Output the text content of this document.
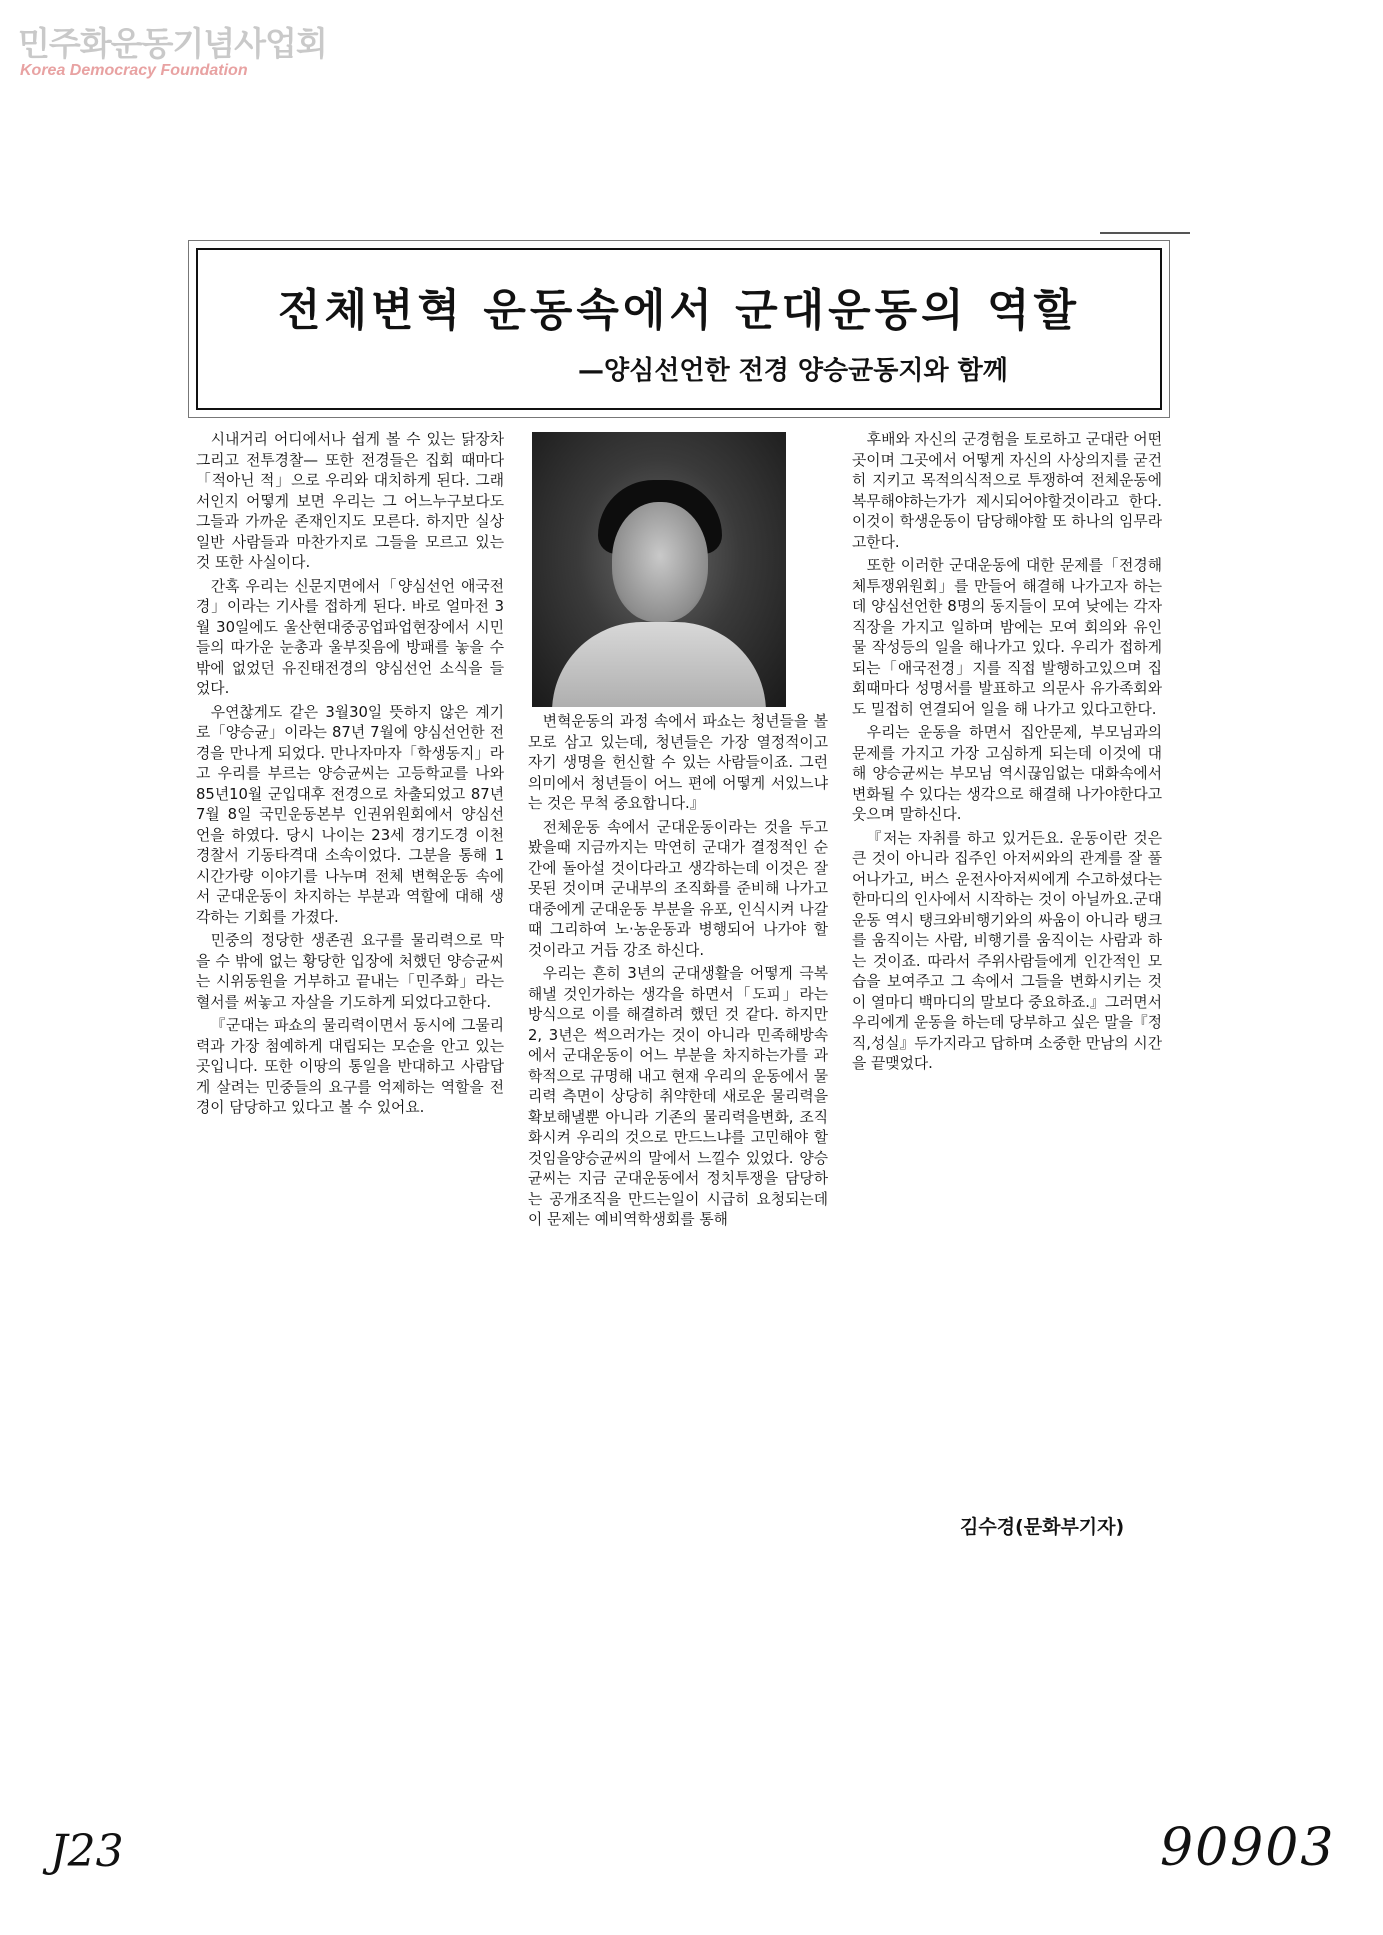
민주화운동기념사업회
Korea Democracy Foundation
전체변혁 운동속에서 군대운동의 역할
—양심선언한 전경 양승균동지와 함께

시내거리 어디에서나 쉽게 볼 수 있는 닭장차 그리고 전투경찰— 또한 전경들은 집회 때마다「적아닌 적」으로 우리와 대치하게 된다. 그래서인지 어떻게 보면 우리는 그 어느누구보다도 그들과 가까운 존재인지도 모른다. 하지만 실상 일반 사람들과 마찬가지로 그들을 모르고 있는 것 또한 사실이다.

간혹 우리는 신문지면에서「양심선언 애국전경」이라는 기사를 접하게 된다. 바로 얼마전 3월 30일에도 울산현대중공업파업현장에서 시민들의 따가운 눈총과 울부짖음에 방패를 놓을 수 밖에 없었던 유진태전경의 양심선언 소식을 들었다.

우연찮게도 같은 3월30일 뜻하지 않은 계기로「양승균」이라는 87년 7월에 양심선언한 전경을 만나게 되었다. 만나자마자「학생동지」라고 우리를 부르는 양승균씨는 고등학교를 나와 85년10월 군입대후 전경으로 차출되었고 87년 7월 8일 국민운동본부 인권위원회에서 양심선언을 하였다. 당시 나이는 23세 경기도경 이천경찰서 기동타격대 소속이었다. 그분을 통해 1시간가량 이야기를 나누며 전체 변혁운동 속에서 군대운동이 차지하는 부분과 역할에 대해 생각하는 기회를 가졌다.

민중의 정당한 생존권 요구를 물리력으로 막을 수 밖에 없는 황당한 입장에 처했던 양승균씨는 시위동원을 거부하고 끝내는「민주화」라는 혈서를 써놓고 자살을 기도하게 되었다고한다.

『군대는 파쇼의 물리력이면서 동시에 그물리력과 가장 첨예하게 대립되는 모순을 안고 있는 곳입니다. 또한 이땅의 통일을 반대하고 사람답게 살려는 민중들의 요구를 억제하는 역할을 전경이 담당하고 있다고 볼 수 있어요.

변혁운동의 과정 속에서 파쇼는 청년들을 볼모로 삼고 있는데, 청년들은 가장 열정적이고 자기 생명을 헌신할 수 있는 사람들이죠. 그런 의미에서 청년들이 어느 편에 어떻게 서있느냐는 것은 무척 중요합니다.』

전체운동 속에서 군대운동이라는 것을 두고봤을때 지금까지는 막연히 군대가 결정적인 순간에 돌아설 것이다라고 생각하는데 이것은 잘못된 것이며 군내부의 조직화를 준비해 나가고 대중에게 군대운동 부분을 유포, 인식시켜 나갈 때 그리하여 노·농운동과 병행되어 나가야 할 것이라고 거듭 강조 하신다.

우리는 흔히 3년의 군대생활을 어떻게 극복해낼 것인가하는 생각을 하면서「도피」라는 방식으로 이를 해결하려 했던 것 같다. 하지만 2, 3년은 썩으러가는 것이 아니라 민족해방속에서 군대운동이 어느 부분을 차지하는가를 과학적으로 규명해 내고 현재 우리의 운동에서 물리력 측면이 상당히 취약한데 새로운 물리력을 확보해낼뿐 아니라 기존의 물리력을변화, 조직화시켜 우리의 것으로 만드느냐를 고민해야 할 것임을양승균씨의 말에서 느낄수 있었다. 양승균씨는 지금 군대운동에서 정치투쟁을 담당하는 공개조직을 만드는일이 시급히 요청되는데 이 문제는 예비역학생회를 통해

후배와 자신의 군경험을 토로하고 군대란 어떤 곳이며 그곳에서 어떻게 자신의 사상의지를 굳건히 지키고 목적의식적으로 투쟁하여 전체운동에 복무해야하는가가 제시되어야할것이라고 한다.이것이 학생운동이 담당해야할 또 하나의 임무라고한다.

또한 이러한 군대운동에 대한 문제를「전경해체투쟁위원회」를 만들어 해결해 나가고자 하는데 양심선언한 8명의 동지들이 모여 낮에는 각자 직장을 가지고 일하며 밤에는 모여 회의와 유인물 작성등의 일을 해나가고 있다. 우리가 접하게 되는「애국전경」지를 직접 발행하고있으며 집회때마다 성명서를 발표하고 의문사 유가족회와도 밀접히 연결되어 일을 해 나가고 있다고한다.

우리는 운동을 하면서 집안문제, 부모님과의 문제를 가지고 가장 고심하게 되는데 이것에 대해 양승균씨는 부모님 역시끊임없는 대화속에서 변화될 수 있다는 생각으로 해결해 나가야한다고 웃으며 말하신다.

『저는 자취를 하고 있거든요. 운동이란 것은 큰 것이 아니라 집주인 아저씨와의 관계를 잘 풀어나가고, 버스 운전사아저씨에게 수고하셨다는 한마디의 인사에서 시작하는 것이 아닐까요.군대운동 역시 탱크와비행기와의 싸움이 아니라 탱크를 움직이는 사람, 비행기를 움직이는 사람과 하는 것이죠. 따라서 주위사람들에게 인간적인 모습을 보여주고 그 속에서 그들을 변화시키는 것이 열마디 백마디의 말보다 중요하죠.』그러면서 우리에게 운동을 하는데 당부하고 싶은 말을『정직,성실』두가지라고 답하며 소중한 만남의 시간을 끝맺었다.

김수경(문화부기자)
J23	90903
